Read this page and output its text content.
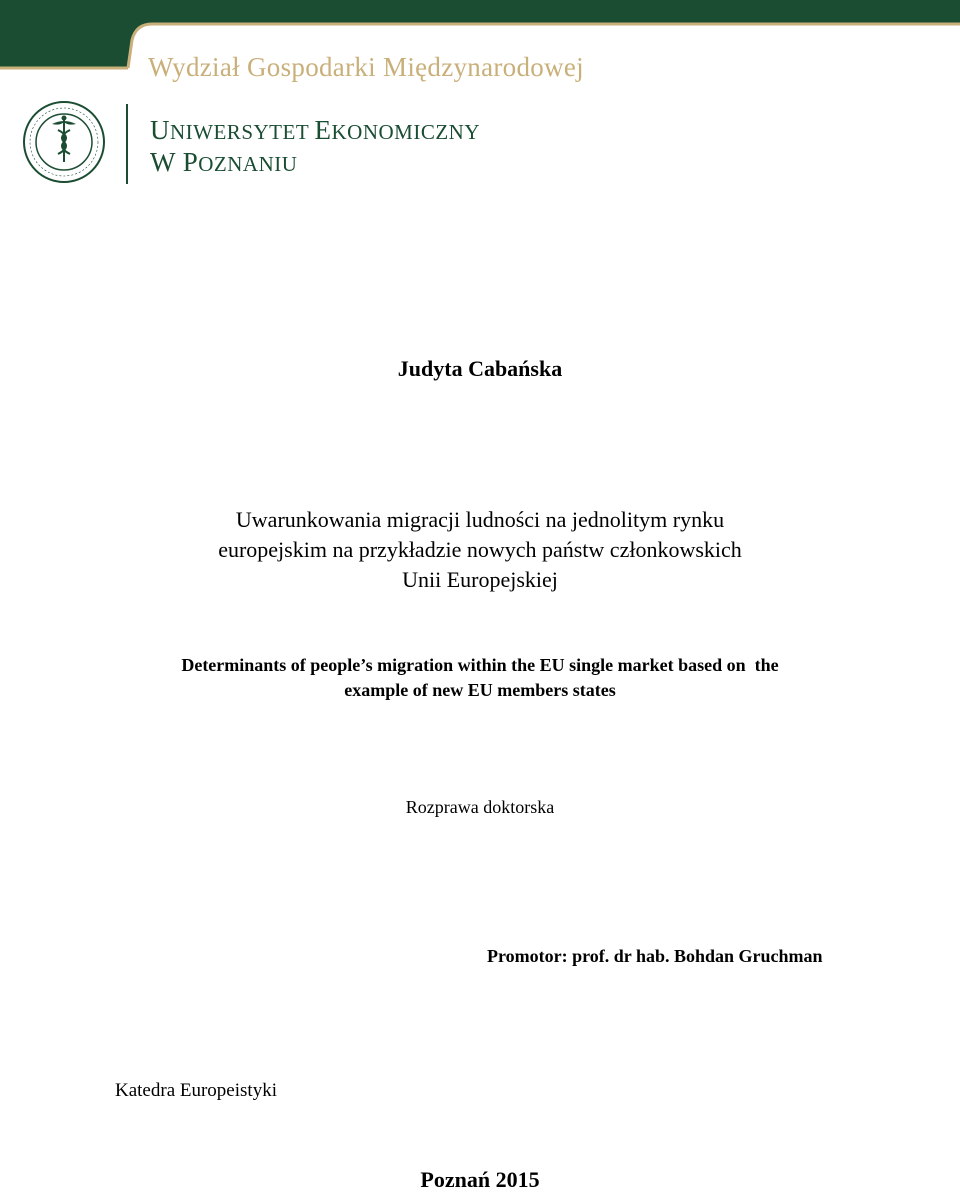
Wydział Gospodarki Międzynarodowej
UNIWERSYTET EKONOMICZNY
W POZNANIU
Judyta Cabańska
Uwarunkowania migracji ludności na jednolitym rynku
europejskim na przykładzie nowych państw członkowskich
Unii Europejskiej
Determinants of people’s migration within the EU single market based on  the
example of new EU members states
Rozprawa doktorska
Promotor: prof. dr hab. Bohdan Gruchman
Katedra Europeistyki
Poznań 2015
